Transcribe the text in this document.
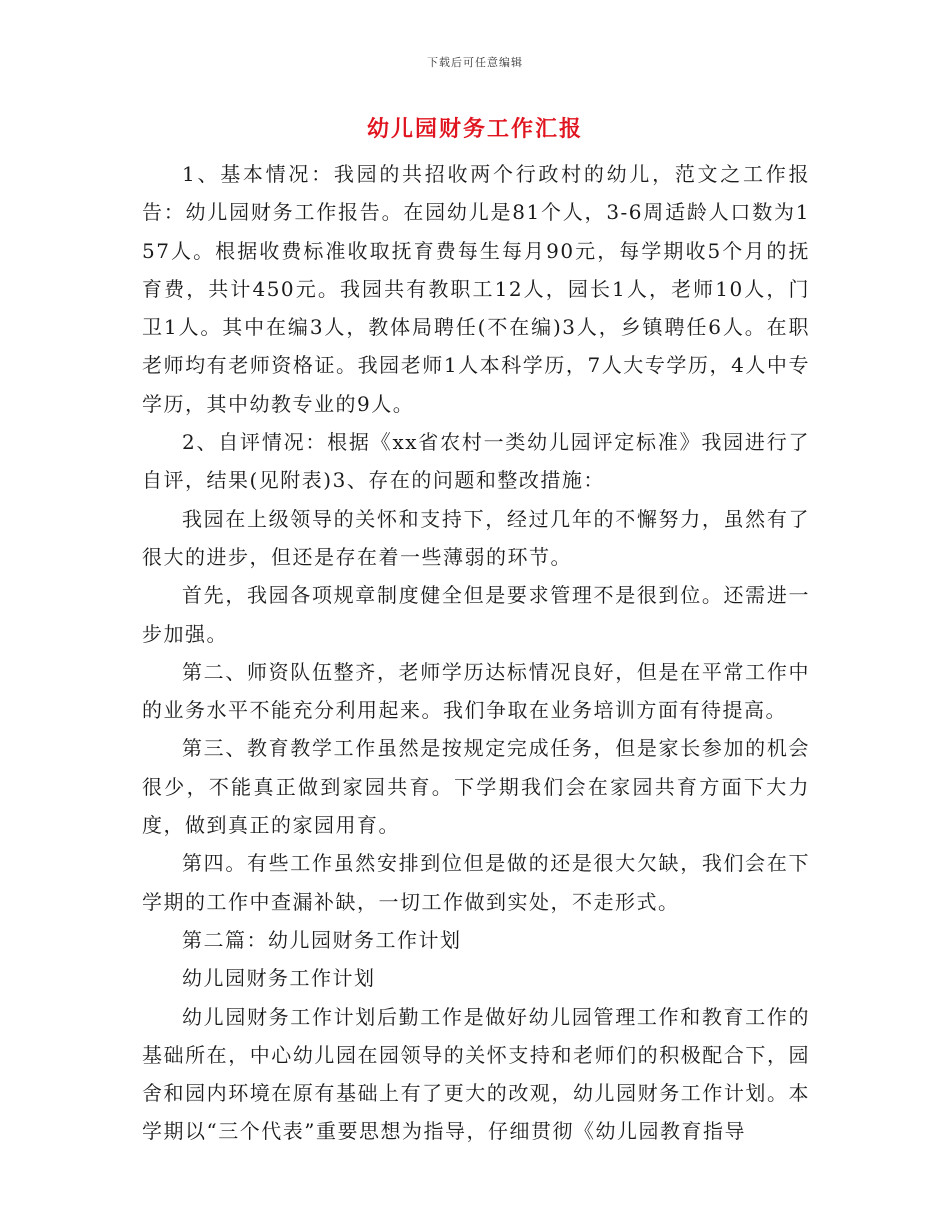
下载后可任意编辑
幼儿园财务工作汇报

1、基本情况：我园的共招收两个行政村的幼儿，范文之工作报告：幼儿园财务工作报告。在园幼儿是81个人，3-6周适龄人口数为157人。根据收费标准收取抚育费每生每月90元，每学期收5个月的抚育费，共计450元。我园共有教职工12人，园长1人，老师10人，门卫1人。其中在编3人，教体局聘任(不在编)3人，乡镇聘任6人。在职老师均有老师资格证。我园老师1人本科学历，7人大专学历，4人中专学历，其中幼教专业的9人。

2、自评情况：根据《xx省农村一类幼儿园评定标准》我园进行了自评，结果(见附表)3、存在的问题和整改措施：

我园在上级领导的关怀和支持下，经过几年的不懈努力，虽然有了很大的进步，但还是存在着一些薄弱的环节。

首先，我园各项规章制度健全但是要求管理不是很到位。还需进一步加强。

第二、师资队伍整齐，老师学历达标情况良好，但是在平常工作中的业务水平不能充分利用起来。我们争取在业务培训方面有待提高。

第三、教育教学工作虽然是按规定完成任务，但是家长参加的机会很少，不能真正做到家园共育。下学期我们会在家园共育方面下大力度，做到真正的家园用育。

第四。有些工作虽然安排到位但是做的还是很大欠缺，我们会在下学期的工作中查漏补缺，一切工作做到实处，不走形式。

第二篇：幼儿园财务工作计划

幼儿园财务工作计划

幼儿园财务工作计划后勤工作是做好幼儿园管理工作和教育工作的基础所在，中心幼儿园在园领导的关怀支持和老师们的积极配合下，园舍和园内环境在原有基础上有了更大的改观，幼儿园财务工作计划。本学期以“三个代表”重要思想为指导，仔细贯彻《幼儿园教育指导
